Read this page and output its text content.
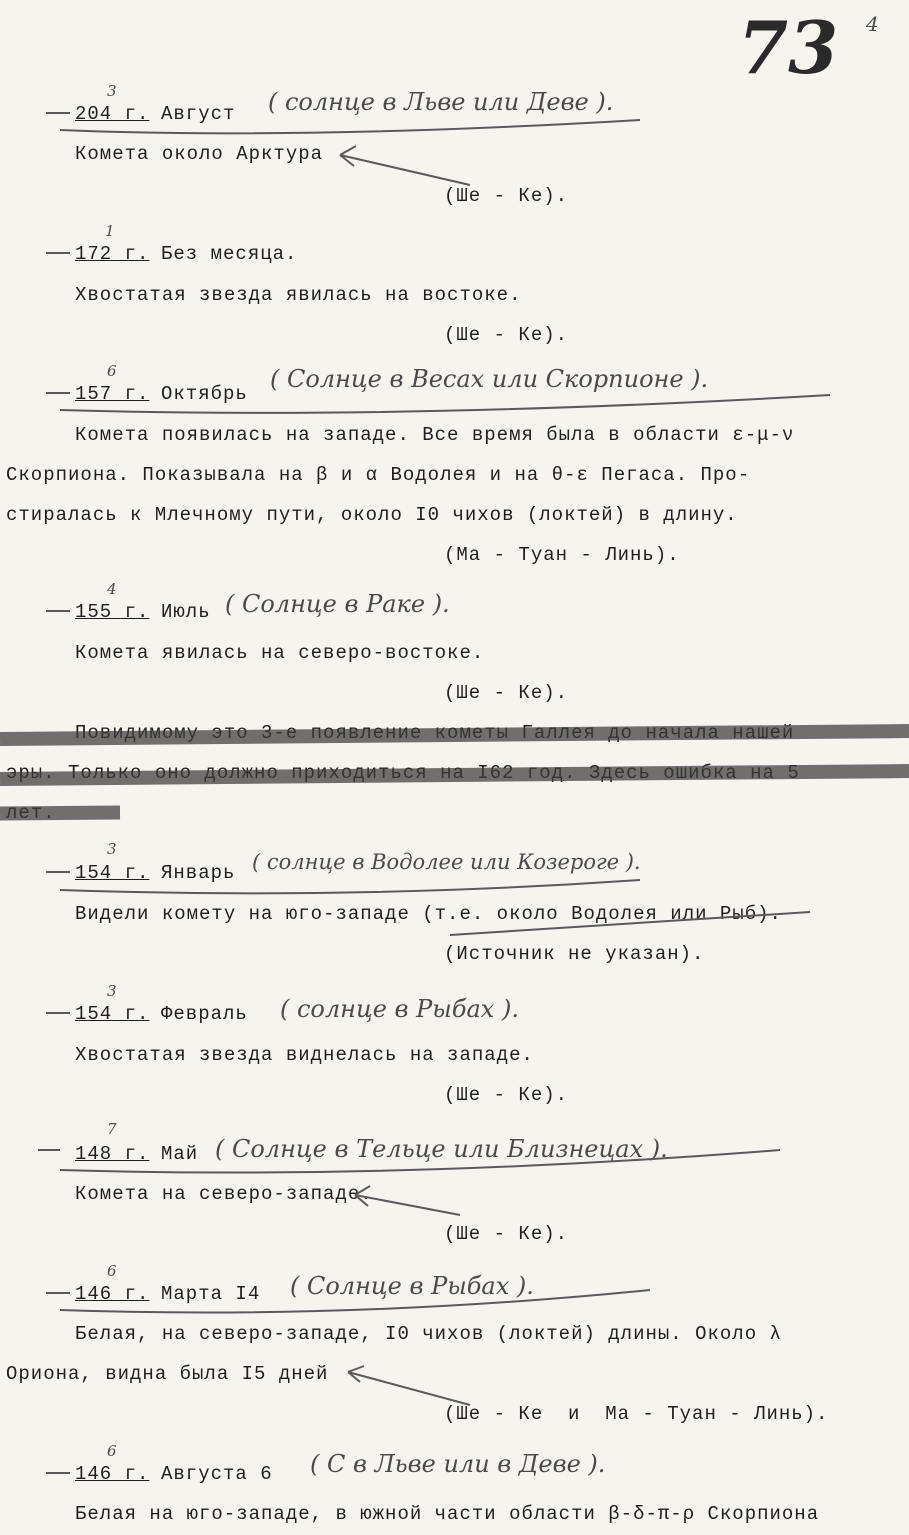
73 4
204 г. Август
3	( солнце в Льве или Деве ).
Комета около Арктура
(Ше - Ке).
172 г. Без месяца.
1
Хвостатая звезда явилась на востоке.
(Ше - Ке).
157 г. Октябрь
6	( Солнце в Весах или Скорпионе ).
Комета появилась на западе. Все время была в области ε-μ-ν
Скорпиона. Показывала на β и α Водолея и на θ-ε Пегаса. Про-
стиралась к Млечному пути, около I0 чихов (локтей) в длину.
(Ма - Туан - Линь).
155 г. Июль
4
( Солнце в Раке ).
Комета явилась на северо-востоке.
(Ше - Ке).
154 г. Январь
3
( солнце в Водолее или Козероге ).
Видели комету на юго-западе (т.е. около Водолея или Рыб).
(Источник не указан).
154 г. Февраль
3
( солнце в Рыбах ).
Хвостатая звезда виднелась на западе.
(Ше - Ке).
148 г. Май
7
( Солнце в Тельце или Близнецах ).
Комета на северо-западе.
(Ше - Ке).
146 г. Марта I4
6
( Солнце в Рыбах ).
Белая, на северо-западе, I0 чихов (локтей) длины. Около λ
Ориона, видна была I5 дней
(Ше - Ке  и  Ма - Туан - Линь).
146 г. Августа 6
6	( С в Льве или в Деве ).
Белая на юго-западе, в южной части области β-δ-π-ρ Скорпиона
